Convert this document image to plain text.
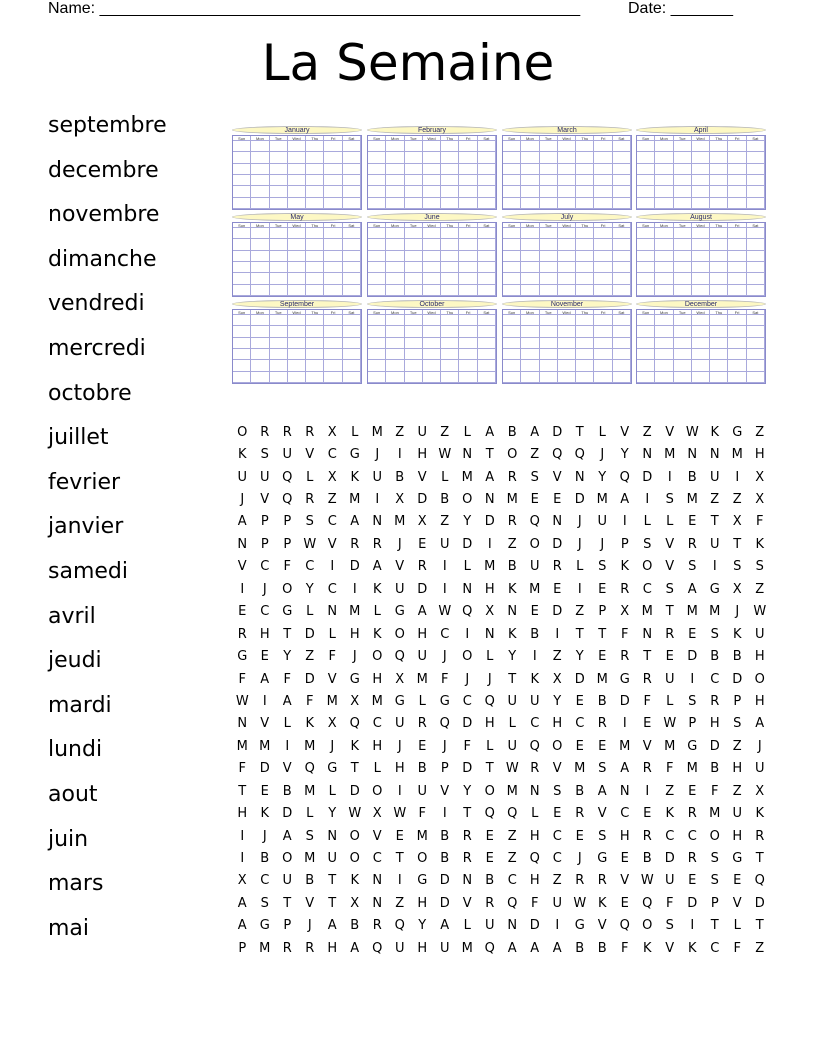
Name: ______________________________________________________	Date: _______
La Semaine
septembre
decembre
novembre
dimanche
vendredi
mercredi
octobre
juillet
fevrier
janvier
samedi
avril
jeudi
mardi
lundi
aout
juin
mars
mai
January
Sun	Mon	Tue	Wed	Thu	Fri	Sat
February
Sun	Mon	Tue	Wed	Thu	Fri	Sat
March
Sun	Mon	Tue	Wed	Thu	Fri	Sat
April
Sun	Mon	Tue	Wed	Thu	Fri	Sat
May
Sun	Mon	Tue	Wed	Thu	Fri	Sat
June
Sun	Mon	Tue	Wed	Thu	Fri	Sat
July
Sun	Mon	Tue	Wed	Thu	Fri	Sat
August
Sun	Mon	Tue	Wed	Thu	Fri	Sat
September
Sun	Mon	Tue	Wed	Thu	Fri	Sat
October
Sun	Mon	Tue	Wed	Thu	Fri	Sat
November
Sun	Mon	Tue	Wed	Thu	Fri	Sat
December
Sun	Mon	Tue	Wed	Thu	Fri	Sat
O	R	R	R	X	L	M	Z	U	Z	L	A	B	A	D	T	L	V	Z	V	W	K	G	Z
K	S	U	V	C	G	J	I	H	W	N	T	O	Z	Q	Q	J	Y	N	M	N	N	M	H
U	U	Q	L	X	K	U	B	V	L	M	A	R	S	V	N	Y	Q	D	I	B	U	I	X
J	V	Q	R	Z	M	I	X	D	B	O	N	M	E	E	D	M	A	I	S	M	Z	Z	X
A	P	P	S	C	A	N	M	X	Z	Y	D	R	Q	N	J	U	I	L	L	E	T	X	F
N	P	P	W	V	R	R	J	E	U	D	I	Z	O	D	J	J	P	S	V	R	U	T	K
V	C	F	C	I	D	A	V	R	I	L	M	B	U	R	L	S	K	O	V	S	I	S	S
I	J	O	Y	C	I	K	U	D	I	N	H	K	M	E	I	E	R	C	S	A	G	X	Z
E	C	G	L	N	M	L	G	A	W	Q	X	N	E	D	Z	P	X	M	T	M	M	J	W
R	H	T	D	L	H	K	O	H	C	I	N	K	B	I	T	T	F	N	R	E	S	K	U
G	E	Y	Z	F	J	O	Q	U	J	O	L	Y	I	Z	Y	E	R	T	E	D	B	B	H
F	A	F	D	V	G	H	X	M	F	J	J	T	K	X	D	M	G	R	U	I	C	D	O
W	I	A	F	M	X	M	G	L	G	C	Q	U	U	Y	E	B	D	F	L	S	R	P	H
N	V	L	K	X	Q	C	U	R	Q	D	H	L	C	H	C	R	I	E	W	P	H	S	A
M	M	I	M	J	K	H	J	E	J	F	L	U	Q	O	E	E	M	V	M	G	D	Z	J
F	D	V	Q	G	T	L	H	B	P	D	T	W	R	V	M	S	A	R	F	M	B	H	U
T	E	B	M	L	D	O	I	U	V	Y	O	M	N	S	B	A	N	I	Z	E	F	Z	X
H	K	D	L	Y	W	X	W	F	I	T	Q	Q	L	E	R	V	C	E	K	R	M	U	K
I	J	A	S	N	O	V	E	M	B	R	E	Z	H	C	E	S	H	R	C	C	O	H	R
I	B	O	M	U	O	C	T	O	B	R	E	Z	Q	C	J	G	E	B	D	R	S	G	T
X	C	U	B	T	K	N	I	G	D	N	B	C	H	Z	R	R	V	W	U	E	S	E	Q
A	S	T	V	T	X	N	Z	H	D	V	R	Q	F	U	W	K	E	Q	F	D	P	V	D
A	G	P	J	A	B	R	Q	Y	A	L	U	N	D	I	G	V	Q	O	S	I	T	L	T
P	M	R	R	H	A	Q	U	H	U	M	Q	A	A	A	B	B	F	K	V	K	C	F	Z
